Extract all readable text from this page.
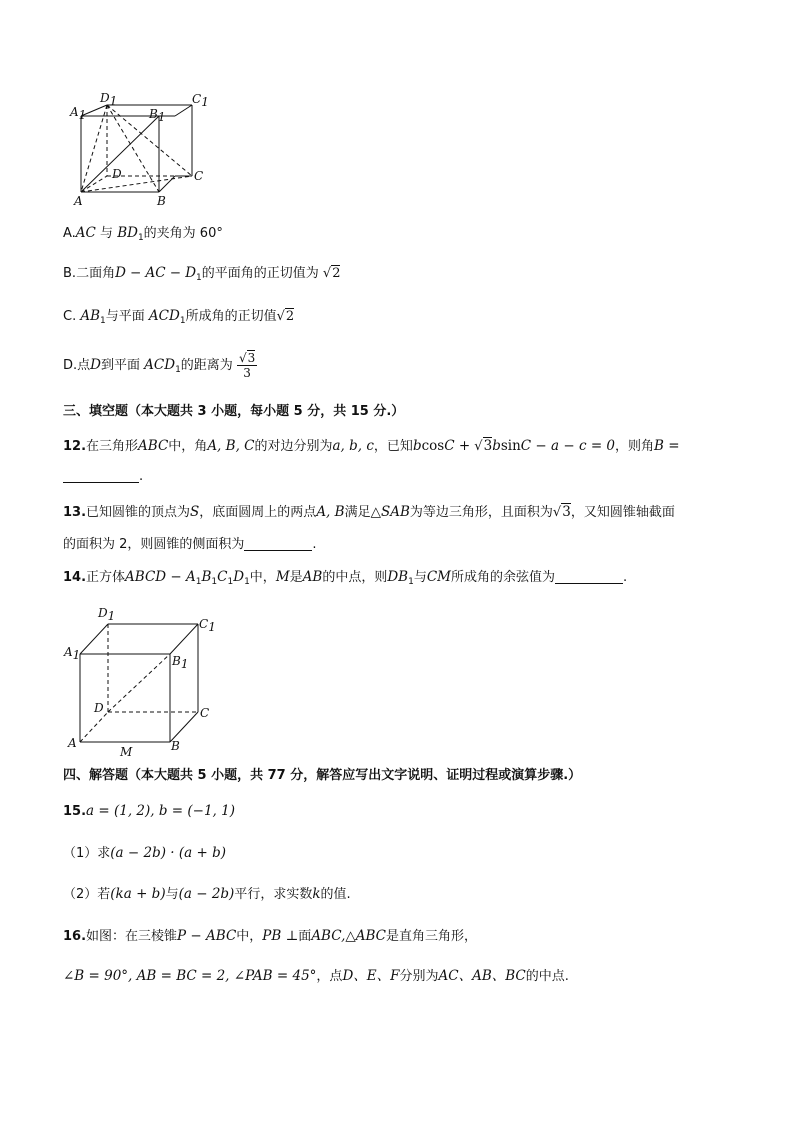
A1
D1
B1
C1
D	C
A	B
A.AC 与 $BD_1$的夹角为 60°
B.二面角D − AC − $D_1$的平面角的正切值为 √2
C. $AB_1$与平面 $ACD_1$所成角的正切值√2
D.点D到平面 $ACD_1$的距离为 $\frac{√3}{3}$
三、填空题（本大题共 3 小题，每小题 5 分，共 15 分.）
12.在三角形ABC中，角A, B, C的对边分别为a, b, c，已知bcosC + √3bsinC − a − c = 0，则角B =
.
13.已知圆锥的顶点为S，底面圆周上的两点A, B满足△SAB为等边三角形，且面积为√3，又知圆锥轴截面
的面积为 2，则圆锥的侧面积为	.
14.正方体ABCD − $A_1B_1C_1D_1$中，M是AB的中点，则$DB_1$与CM所成角的余弦值为	.
D1
C1
A1	B1
D	C
A
M	B
四、解答题（本大题共 5 小题，共 77 分，解答应写出文字说明、证明过程或演算步骤.）
15.a = (1, 2), b = (−1, 1)
（1）求(a − 2b) · (a + b)
（2）若(ka + b)与(a − 2b)平行，求实数k的值.
16.如图：在三棱锥P − ABC中，PB ⊥面ABC,△ABC是直角三角形，
∠B = 90°, AB = BC = 2, ∠PAB = 45°，点D、E、F分别为AC、AB、BC的中点.
